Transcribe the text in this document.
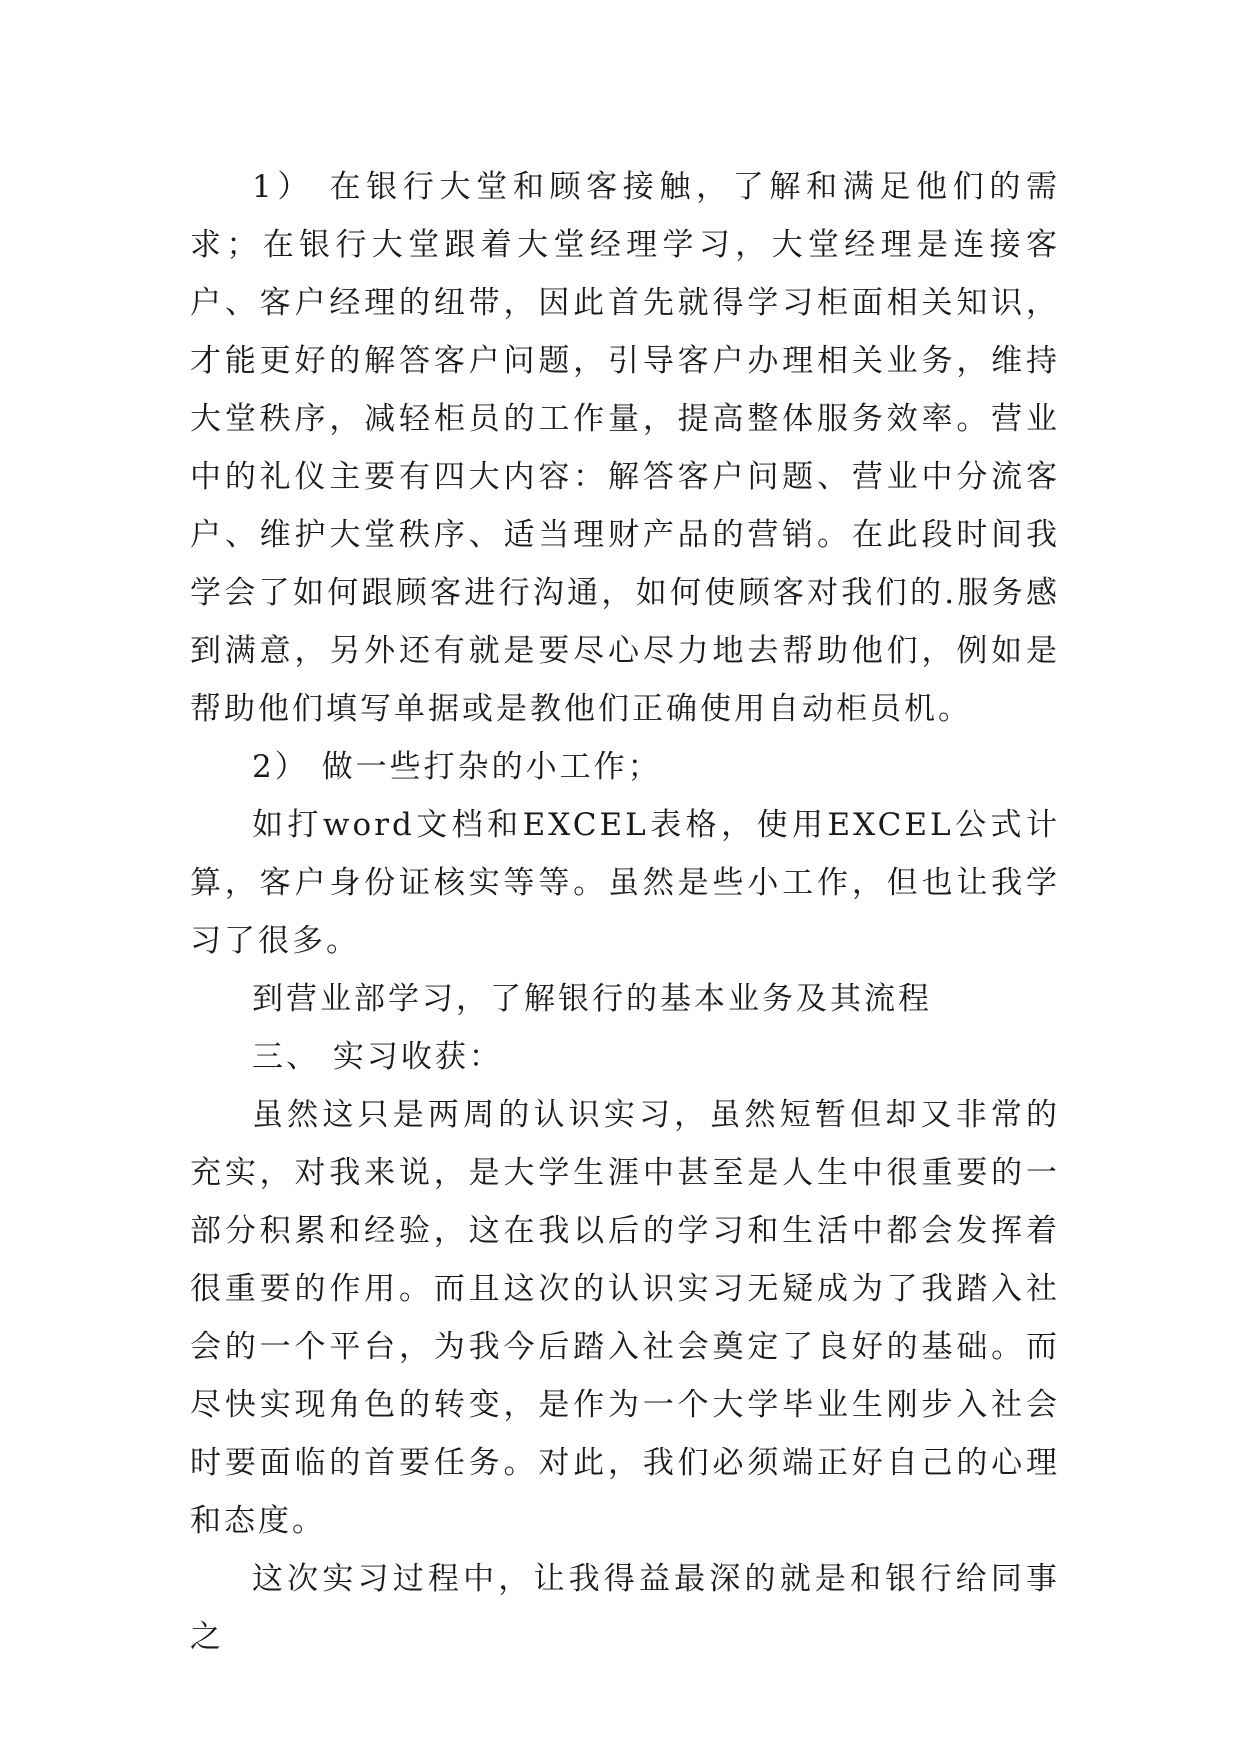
1） 在银行大堂和顾客接触，了解和满足他们的需求；在银行大堂跟着大堂经理学习，大堂经理是连接客户、客户经理的纽带，因此首先就得学习柜面相关知识，才能更好的解答客户问题，引导客户办理相关业务，维持大堂秩序，减轻柜员的工作量，提高整体服务效率。营业中的礼仪主要有四大内容：解答客户问题、营业中分流客户、维护大堂秩序、适当理财产品的营销。在此段时间我学会了如何跟顾客进行沟通，如何使顾客对我们的.服务感到满意，另外还有就是要尽心尽力地去帮助他们，例如是帮助他们填写单据或是教他们正确使用自动柜员机。

2） 做一些打杂的小工作；

如打word文档和EXCEL表格，使用EXCEL公式计算，客户身份证核实等等。虽然是些小工作，但也让我学习了很多。

到营业部学习，了解银行的基本业务及其流程

三、 实习收获：

虽然这只是两周的认识实习，虽然短暂但却又非常的充实，对我来说，是大学生涯中甚至是人生中很重要的一部分积累和经验，这在我以后的学习和生活中都会发挥着很重要的作用。而且这次的认识实习无疑成为了我踏入社会的一个平台，为我今后踏入社会奠定了良好的基础。而尽快实现角色的转变，是作为一个大学毕业生刚步入社会时要面临的首要任务。对此，我们必须端正好自己的心理和态度。

这次实习过程中，让我得益最深的就是和银行给同事之
